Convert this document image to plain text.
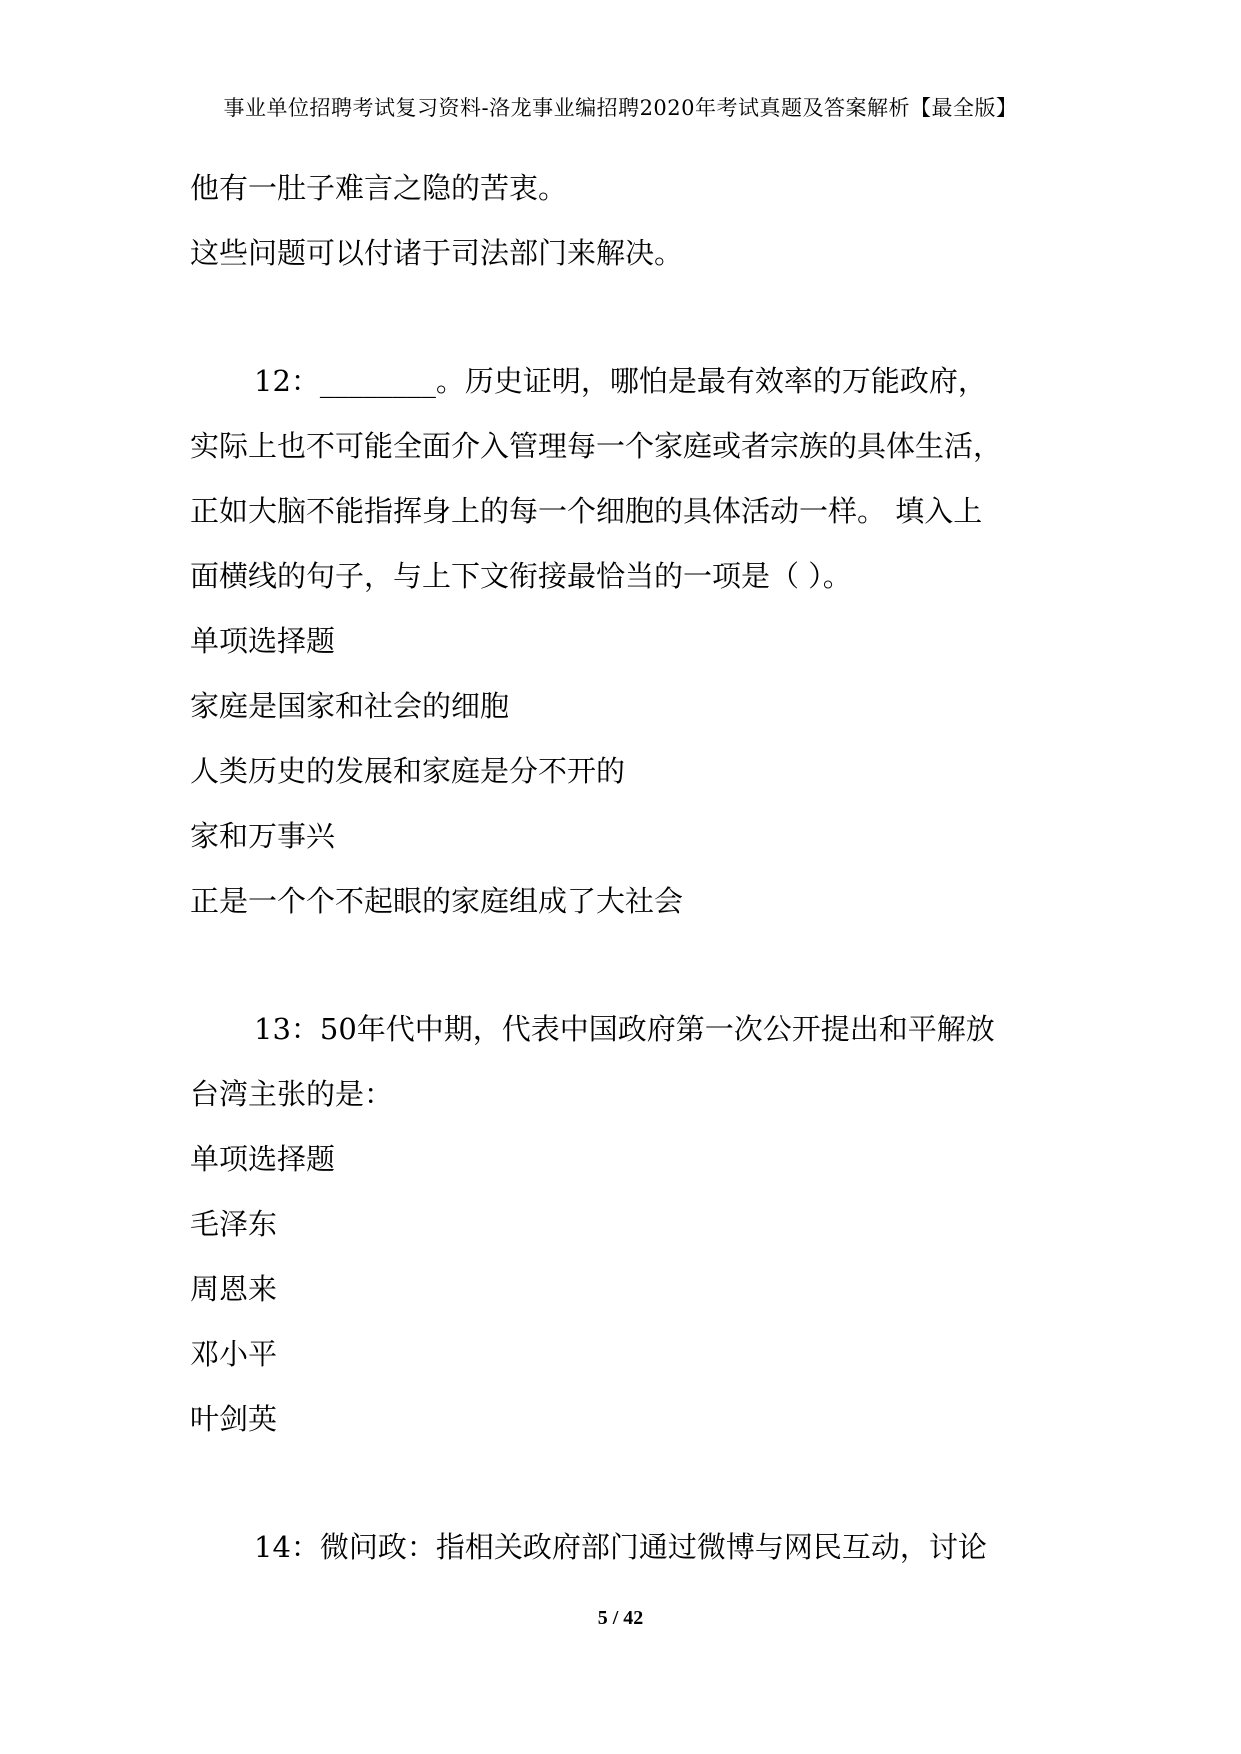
事业单位招聘考试复习资料-洛龙事业编招聘2020年考试真题及答案解析【最全版】
他有一肚子难言之隐的苦衷。
这些问题可以付诸于司法部门来解决。
12：________。历史证明，哪怕是最有效率的万能政府，
实际上也不可能全面介入管理每一个家庭或者宗族的具体生活，
正如大脑不能指挥身上的每一个细胞的具体活动一样。 填入上
面横线的句子，与上下文衔接最恰当的一项是（ ）。
单项选择题
家庭是国家和社会的细胞
人类历史的发展和家庭是分不开的
家和万事兴
正是一个个不起眼的家庭组成了大社会
13：50年代中期，代表中国政府第一次公开提出和平解放
台湾主张的是：
单项选择题
毛泽东
周恩来
邓小平
叶剑英
14：微问政：指相关政府部门通过微博与网民互动，讨论
5 / 42
